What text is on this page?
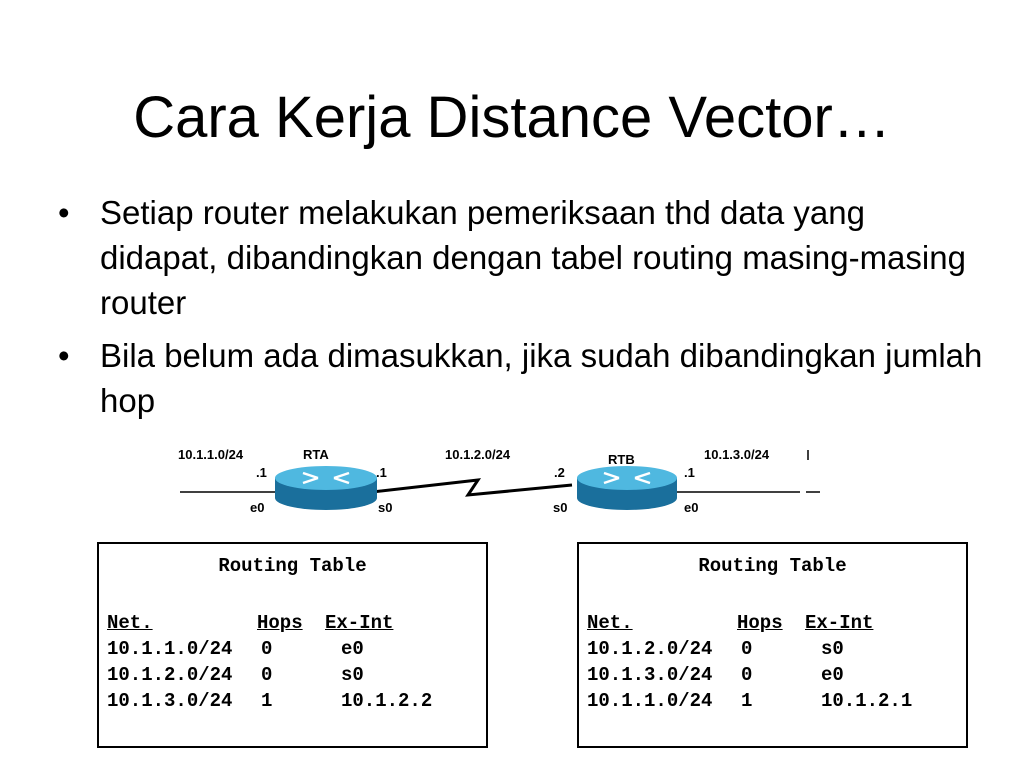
Cara Kerja Distance Vector…
• Setiap router melakukan pemeriksaan thd data yang didapat, dibandingkan dengan tabel routing masing-masing router
• Bila belum ada dimasukkan, jika sudah dibandingkan jumlah hop
10.1.1.0/24	RTA	10.1.2.0/24	RTB	10.1.3.0/24
.1	.1	.2	.1
e0	s0	s0	e0
Routing Table
Net.	Hops	Ex-Int
10.1.1.0/24	0	e0
10.1.2.0/24	0	s0
10.1.3.0/24	1	10.1.2.2
Routing Table
Net.	Hops	Ex-Int
10.1.2.0/24	0	s0
10.1.3.0/24	0	e0
10.1.1.0/24	1	10.1.2.1
